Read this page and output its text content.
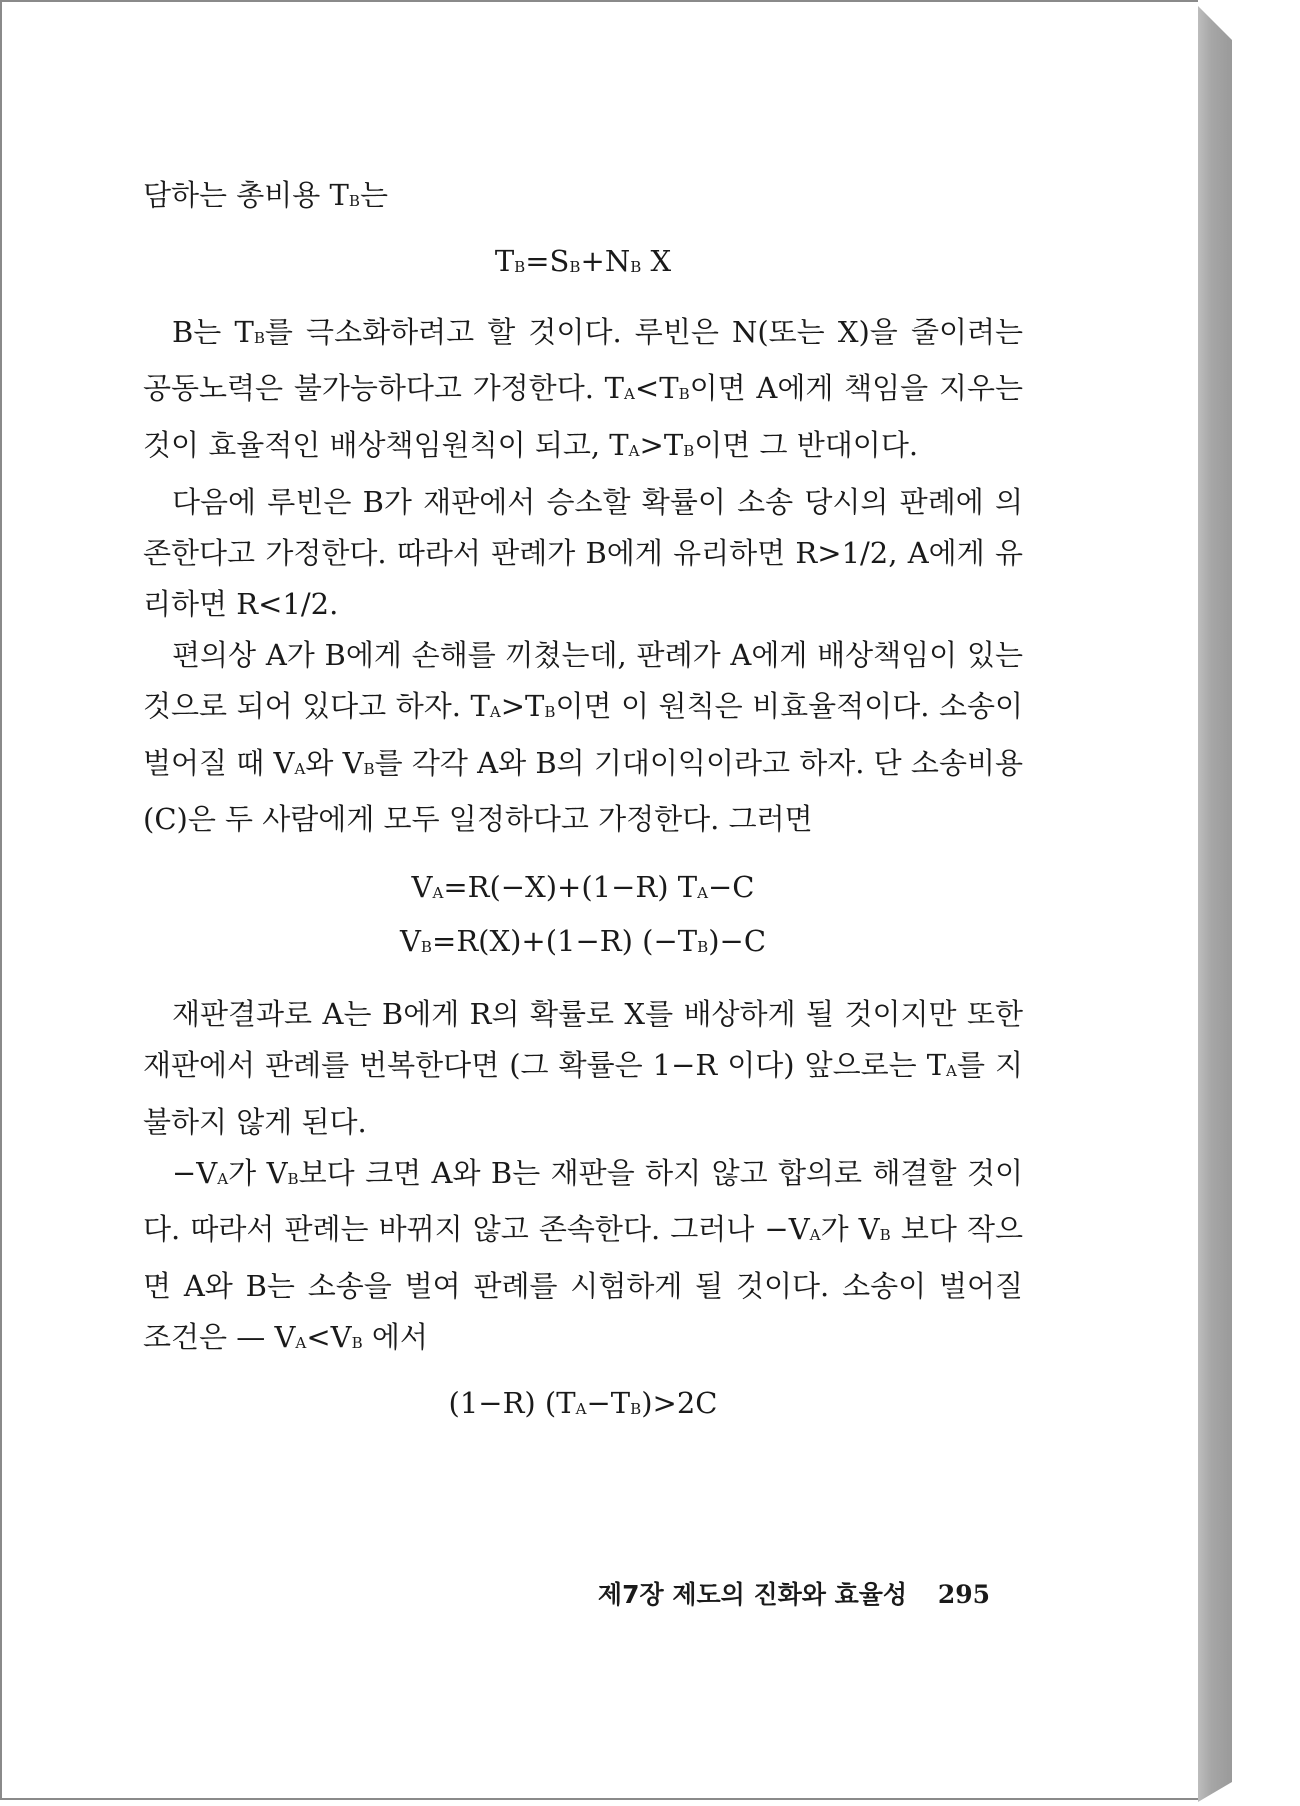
담하는 총비용 $T_B$는

$T_B=S_B+N_B$ X

B는 $T_B$를 극소화하려고 할 것이다. 루빈은 N(또는 X)을 줄이려는 공동노력은 불가능하다고 가정한다. $T_A<T_B$이면 A에게 책임을 지우는 것이 효율적인 배상책임원칙이 되고, $T_A>T_B$이면 그 반대이다.

다음에 루빈은 B가 재판에서 승소할 확률이 소송 당시의 판례에 의존한다고 가정한다. 따라서 판례가 B에게 유리하면 R>1/2, A에게 유리하면 R<1/2.

편의상 A가 B에게 손해를 끼쳤는데, 판례가 A에게 배상책임이 있는 것으로 되어 있다고 하자. $T_A>T_B$이면 이 원칙은 비효율적이다. 소송이 벌어질 때 $V_A$와 $V_B$를 각각 A와 B의 기대이익이라고 하자. 단 소송비용(C)은 두 사람에게 모두 일정하다고 가정한다. 그러면

$V_A=R(-X)+(1-R)$ $T_A-C$
$V_B=R(X)+(1-R)$ $(-T_B)-C$

재판결과로 A는 B에게 R의 확률로 X를 배상하게 될 것이지만 또한 재판에서 판례를 번복한다면 (그 확률은 1−R 이다) 앞으로는 $T_A$를 지불하지 않게 된다.

$-V_A$가 $V_B$보다 크면 A와 B는 재판을 하지 않고 합의로 해결할 것이다. 따라서 판례는 바뀌지 않고 존속한다. 그러나 $-V_A$가 $V_B$ 보다 작으면 A와 B는 소송을 벌여 판례를 시험하게 될 것이다. 소송이 벌어질 조건은 — $V_A<V_B$ 에서

(1−R) $(T_A-T_B)>2C$
제7장 제도의 진화와 효율성 295
